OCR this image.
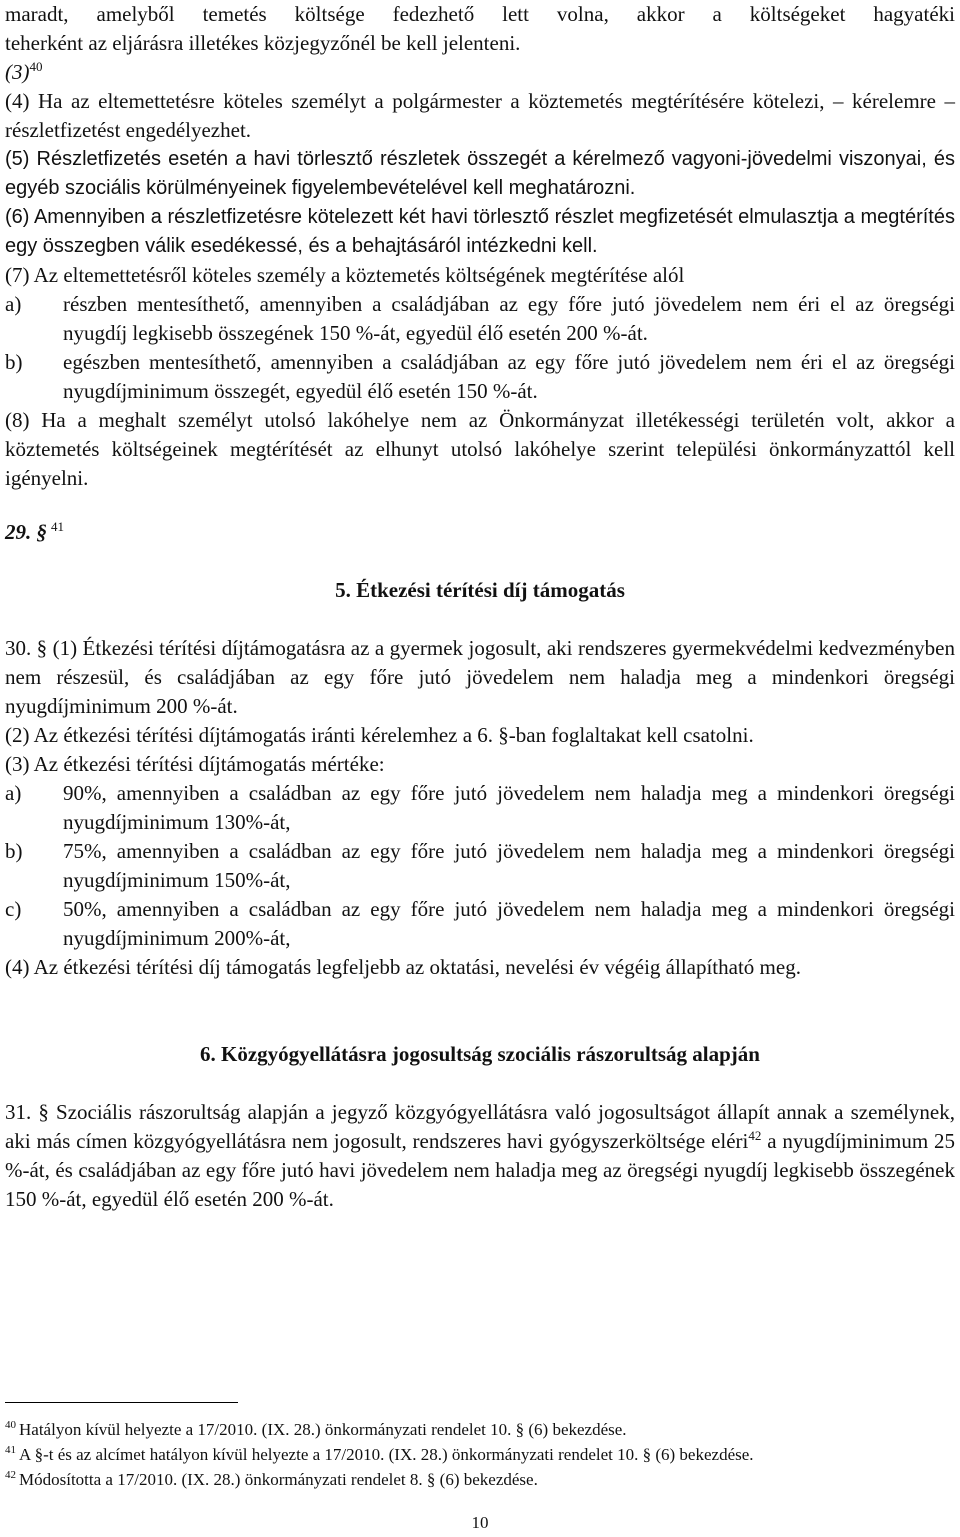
maradt, amelyből temetés költsége fedezhető lett volna, akkor a költségeket hagyatéki
teherként az eljárásra illetékes közjegyzőnél be kell jelenteni.
$(3)^{40}$
(4) Ha az eltemettetésre köteles személyt a polgármester a köztemetés megtérítésére kötelezi, – kérelemre – részletfizetést engedélyezhet.
(5) Részletfizetés esetén a havi törlesztő részletek összegét a kérelmező vagyoni-jövedelmi viszonyai, és egyéb szociális körülményeinek figyelembevételével kell meghatározni.
(6) Amennyiben a részletfizetésre kötelezett két havi törlesztő részlet megfizetését elmulasztja a megtérítés egy összegben válik esedékessé, és a behajtásáról intézkedni kell.
(7) Az eltemettetésről köteles személy a köztemetés költségének megtérítése alól
a) részben mentesíthető, amennyiben a családjában az egy főre jutó jövedelem nem éri el az öregségi nyugdíj legkisebb összegének 150 %-át, egyedül élő esetén 200 %-át.
b) egészben mentesíthető, amennyiben a családjában az egy főre jutó jövedelem nem éri el az öregségi nyugdíjminimum összegét, egyedül élő esetén 150 %-át.
(8) Ha a meghalt személyt utolsó lakóhelye nem az Önkormányzat illetékességi területén volt, akkor a köztemetés költségeinek megtérítését az elhunyt utolsó lakóhelye szerint települési önkormányzattól kell igényelni.
29. § $^{41}$
5. Étkezési térítési díj támogatás
30. § (1) Étkezési térítési díjtámogatásra az a gyermek jogosult, aki rendszeres gyermekvédelmi kedvezményben nem részesül, és családjában az egy főre jutó jövedelem nem haladja meg a mindenkori öregségi nyugdíjminimum 200 %-át.
(2) Az étkezési térítési díjtámogatás iránti kérelemhez a 6. §-ban foglaltakat kell csatolni.
(3) Az étkezési térítési díjtámogatás mértéke:
a) 90%, amennyiben a családban az egy főre jutó jövedelem nem haladja meg a mindenkori öregségi nyugdíjminimum 130%-át,
b) 75%, amennyiben a családban az egy főre jutó jövedelem nem haladja meg a mindenkori öregségi nyugdíjminimum 150%-át,
c) 50%, amennyiben a családban az egy főre jutó jövedelem nem haladja meg a mindenkori öregségi nyugdíjminimum 200%-át,
(4) Az étkezési térítési díj támogatás legfeljebb az oktatási, nevelési év végéig állapítható meg.
6. Közgyógyellátásra jogosultság szociális rászorultság alapján
31. § Szociális rászorultság alapján a jegyző közgyógyellátásra való jogosultságot állapít annak a személynek, aki más címen közgyógyellátásra nem jogosult, rendszeres havi gyógyszerköltsége eléri$^{42}$ a nyugdíjminimum 25 %-át, és családjában az egy főre jutó havi jövedelem nem haladja meg az öregségi nyugdíj legkisebb összegének 150 %-át, egyedül élő esetén 200 %-át.
$^{40}$ Hatályon kívül helyezte a 17/2010. (IX. 28.) önkormányzati rendelet 10. § (6) bekezdése.
$^{41}$ A §-t és az alcímet hatályon kívül helyezte a 17/2010. (IX. 28.) önkormányzati rendelet 10. § (6) bekezdése.
$^{42}$ Módosította a 17/2010. (IX. 28.) önkormányzati rendelet 8. § (6) bekezdése.
10
